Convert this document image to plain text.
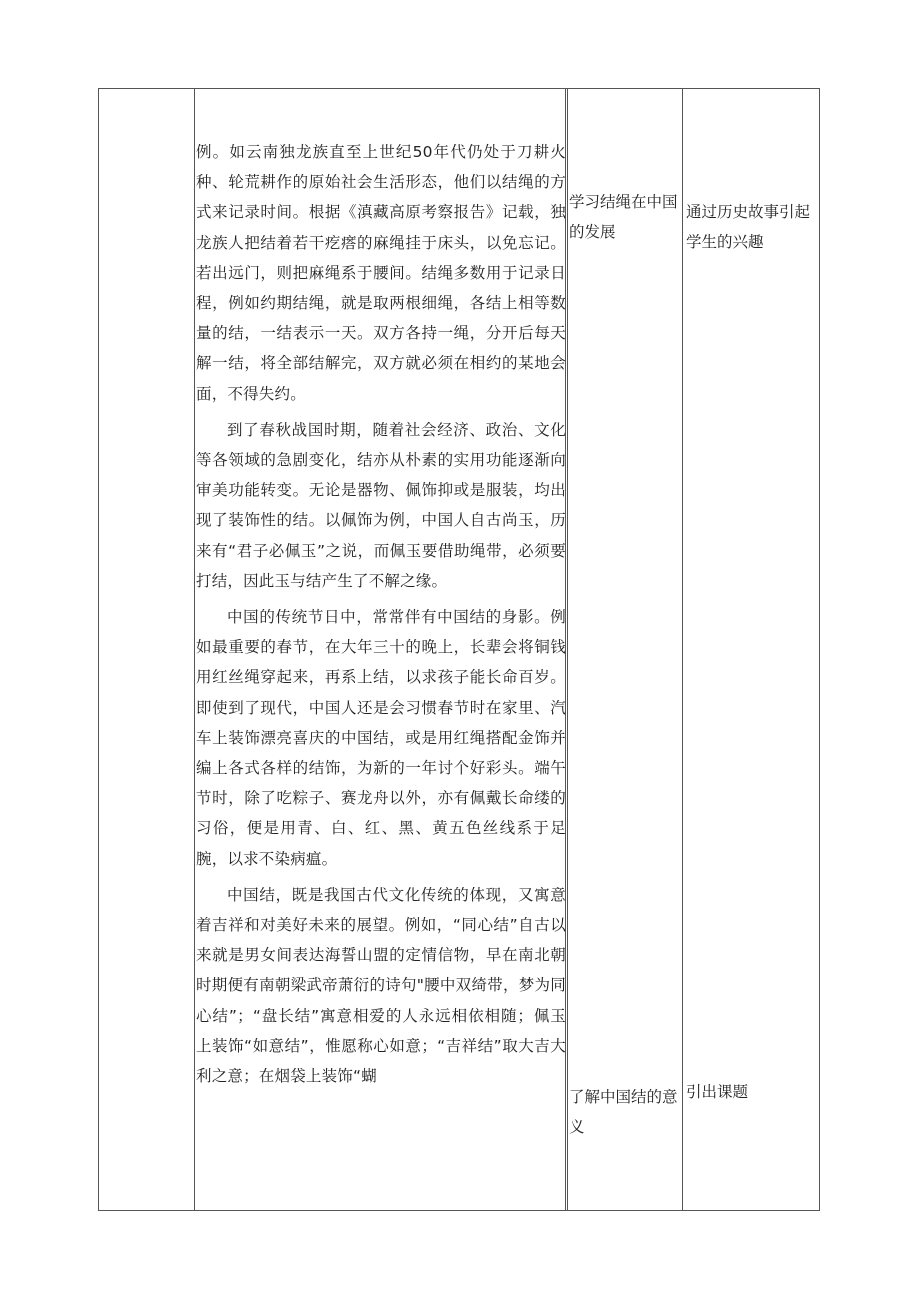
例。如云南独龙族直至上世纪50年代仍处于刀耕火种、轮荒耕作的原始社会生活形态，他们以结绳的方式来记录时间。根据《滇藏高原考察报告》记载，独龙族人把结着若干疙瘩的麻绳挂于床头，以免忘记。若出远门，则把麻绳系于腰间。结绳多数用于记录日程，例如约期结绳，就是取两根细绳，各结上相等数量的结，一结表示一天。双方各持一绳，分开后每天解一结，将全部结解完，双方就必须在相约的某地会面，不得失约。

到了春秋战国时期，随着社会经济、政治、文化等各领域的急剧变化，结亦从朴素的实用功能逐渐向审美功能转变。无论是器物、佩饰抑或是服装，均出现了装饰性的结。以佩饰为例，中国人自古尚玉，历来有“君子必佩玉”之说，而佩玉要借助绳带，必须要打结，因此玉与结产生了不解之缘。

中国的传统节日中，常常伴有中国结的身影。例如最重要的春节，在大年三十的晚上，长辈会将铜钱用红丝绳穿起来，再系上结，以求孩子能长命百岁。即使到了现代，中国人还是会习惯春节时在家里、汽车上装饰漂亮喜庆的中国结，或是用红绳搭配金饰并编上各式各样的结饰，为新的一年讨个好彩头。端午节时，除了吃粽子、赛龙舟以外，亦有佩戴长命缕的习俗，便是用青、白、红、黑、黄五色丝线系于足腕，以求不染病瘟。

中国结，既是我国古代文化传统的体现，又寓意着吉祥和对美好未来的展望。例如，“同心结”自古以来就是男女间表达海誓山盟的定情信物，早在南北朝时期便有南朝梁武帝萧衍的诗句"腰中双绮带，梦为同心结”；“盘长结”寓意相爱的人永远相依相随；佩玉上装饰“如意结”，惟愿称心如意；“吉祥结”取大吉大利之意；在烟袋上装饰“蝴

学习结绳在中国的发展
通过历史故事引起学生的兴趣
了解中国结的意义
引出课题
